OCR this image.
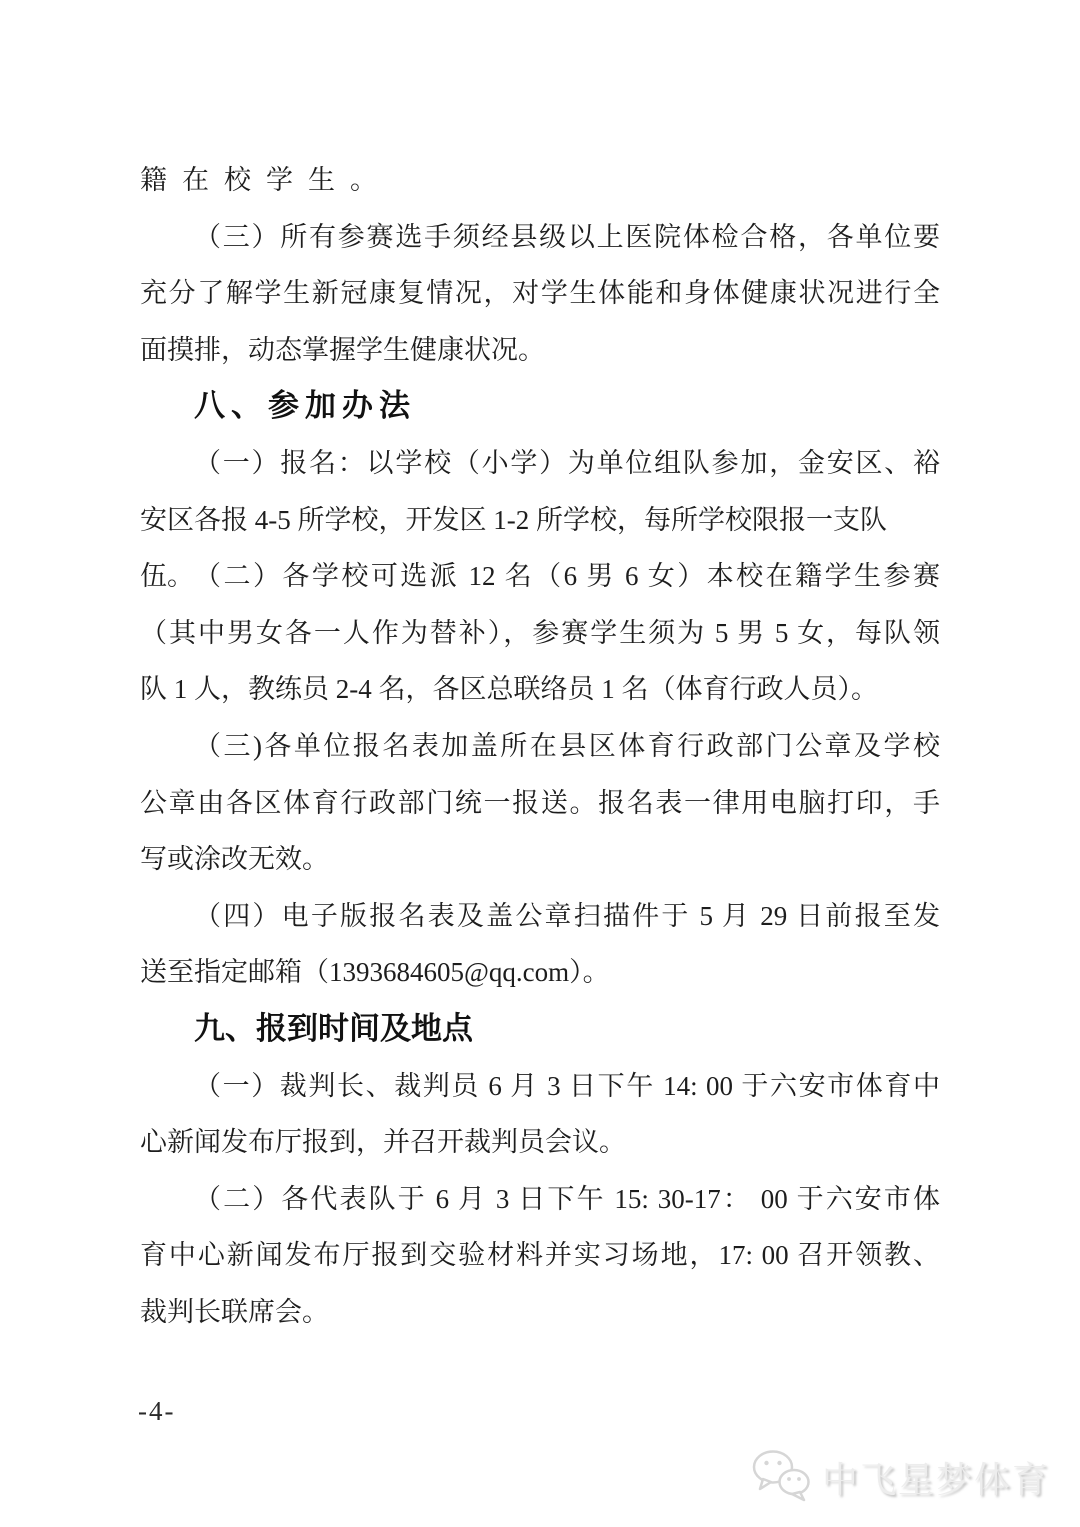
籍在校学生。
（三）所有参赛选手须经县级以上医院体检合格，各单位要
充分了解学生新冠康复情况，对学生体能和身体健康状况进行全
面摸排，动态掌握学生健康状况。
八、参加办法
（一）报名：以学校（小学）为单位组队参加，金安区、裕
安区各报 4-5 所学校，开发区 1-2 所学校，每所学校限报一支队伍。 （二）各学校可选派 12 名（6 男 6 女）本校在籍学生参赛
（其中男女各一人作为替补），参赛学生须为 5 男 5 女，每队领
队 1 人，教练员 2-4 名，各区总联络员 1 名（体育行政人员）。
（三)各单位报名表加盖所在县区体育行政部门公章及学校
公章由各区体育行政部门统一报送。报名表一律用电脑打印，手
写或涂改无效。
（四）电子版报名表及盖公章扫描件于 5 月 29 日前报至发
送至指定邮箱（1393684605@qq.com）。
九、报到时间及地点
（一）裁判长、裁判员 6 月 3 日下午 14: 00 于六安市体育中
心新闻发布厅报到，并召开裁判员会议。
（二）各代表队于 6 月 3 日下午 15: 30-17： 00 于六安市体
育中心新闻发布厅报到交验材料并实习场地，17: 00 召开领教、
裁判长联席会。
-4-
中飞星梦体育
